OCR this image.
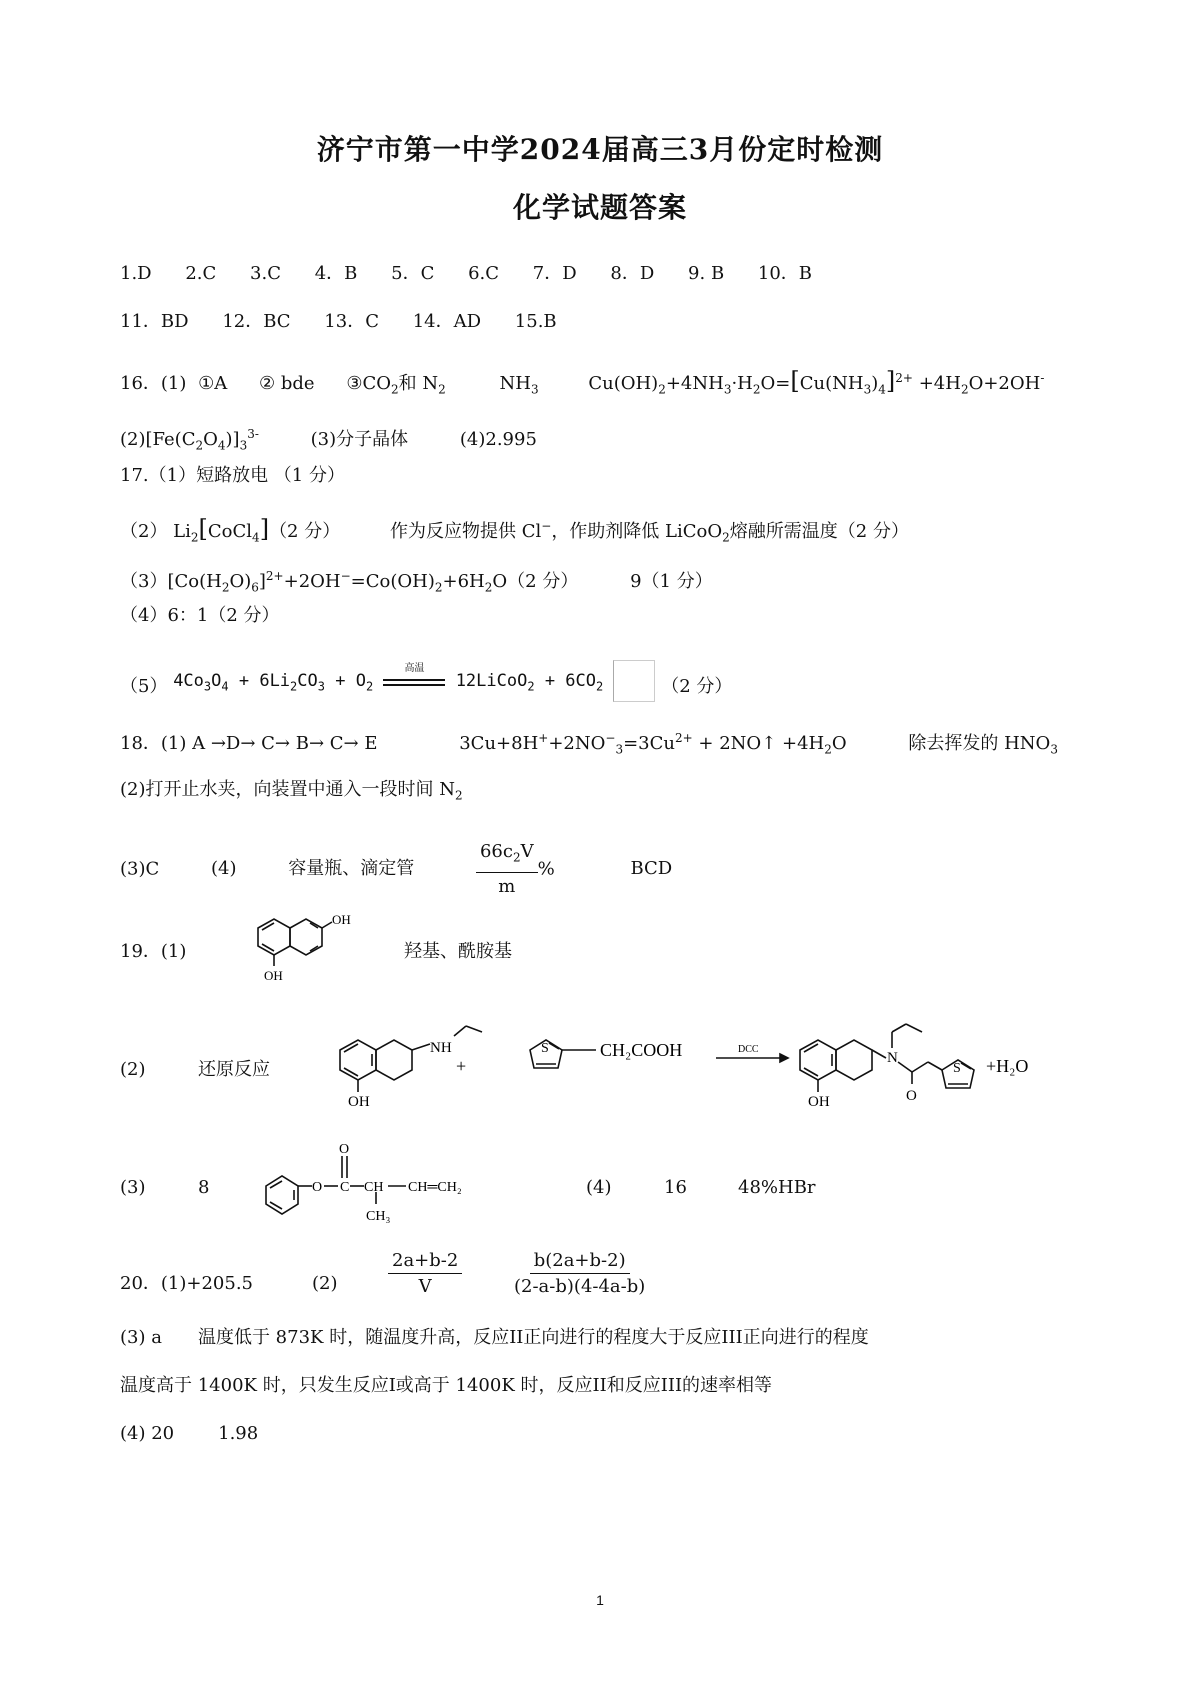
济宁市第一中学2024届高三3月份定时检测
化学试题答案
1.D 2.C 3.C 4．B 5．C 6.C 7．D 8．D 9. B 10．B
11．BD 12．BC 13．C 14．AD 15.B
16．(1) ①A ② bde $③CO_2$和 $N_2$	$NH_3$	$Cu(OH)_2+4NH_3\cdot H_2O=[Cu(NH_3)_4]^{2+} +4H_2O+2OH^-$
$(2)[Fe(C_2O_4)]_3^{3-}$	(3)分子晶体	(4)2.995
17.（1）短路放电 （1 分）
（2） $Li_2[CoCl_4](2$ 分）	作为反应物提供 Cl−，作助剂降低 LiCoO$_2$熔融所需温度（2 分）
$(3)[Co(H_2O)_6]^{2+}+2OH^-=Co(OH)_2+6H_2O(2$ 分）	9（1 分）
（4）6：1（2 分）
（5） $4Co_3O_4 + 6Li_2CO_3 + O_2$
高温
12LiCoO$_2$ + $6CO_2$	（2 分）
18．(1) A →D→ C→ B→ C→ E	$3Cu+8H^++2NO^-_3=3Cu^{2+}$ + 2NO↑ $+4H_2O$	除去挥发的 $HNO_3$
(2)打开止水夹，向装置中通入一段时间 $N_2$
(3)C	(4)	容量瓶、滴定管	$\frac{66c_2V}{m}$ %	BCD
19．(1)
OH
OH
羟基、酰胺基
(2)	还原反应
NH
OH
+
S	CH₂COOH	DCC
OH
N
O
S +H₂O
(3)	8	O
O
C CH CH═CH₂
CH₃
(4)	16	48%HBr
20．(1)+205.5	(2)	$\frac{2a+b-2}{V}$	$\frac{b(2a+b-2)}{(2-a-b)(4-4a-b)}$
(3) a　　温度低于 873K 时，随温度升高，反应II正向进行的程度大于反应III正向进行的程度
温度高于 1400K 时，只发生反应I或高于 1400K 时，反应II和反应III的速率相等
(4) 20 1.98
1
